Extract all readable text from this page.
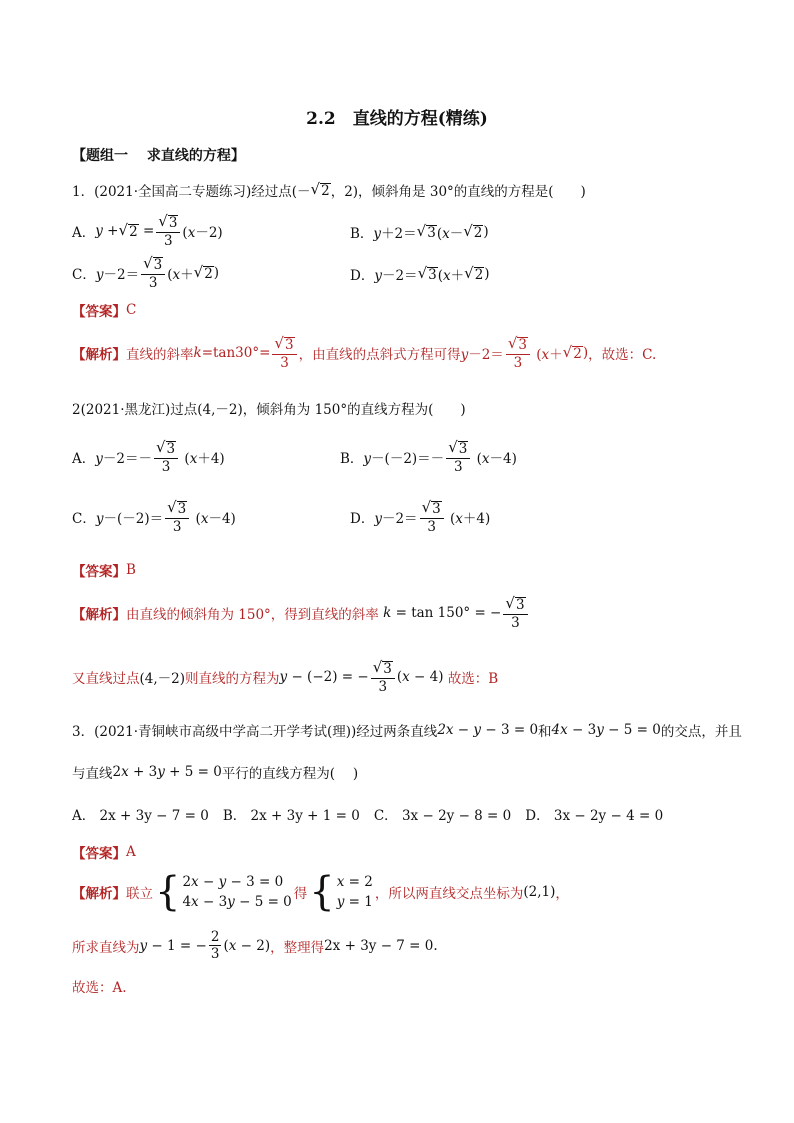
2.2　直线的方程(精练)
【题组一　 求直线的方程】
1．(2021·全国高二专题练习)经过点(－ √ 2 ，2)，倾斜角是 30°的直线的方程是(　　)
A． y + √ $2 = \frac{√ 3}{3} (x-2)$	B． y＋2＝ √ 3 (x－ √ 2 )
C． $y-2= \frac{√ 3}{3} (x+$ √ 2 )	D． y－2＝ √ 3 (x＋ √ 2 )
【答案】 C
【解析】 直线的斜率 $k=\tan 30^\circ= \frac{√ 3}{3}$ ，由直线的点斜式方程可得 $y-2= \frac{√ 3}{3} (x+$ √ 2 ) ，故选：C.
2(2021·黑龙江)过点 (4,－2) ，倾斜角为 150°的直线方程为(　　)
A． $y-2=- \frac{√ 3}{3} (x+4)$	B． $y-(-2)=- \frac{√ 3}{3} (x-4)$
C． $y-(-2)= \frac{√ 3}{3} (x-4)$	D． $y-2= \frac{√ 3}{3} (x+4)$
【答案】 B
【解析】 由直线的倾斜角为 150°，得到直线的斜率 k = tan 150° = − $\frac{√ 3}{3}$
又直线过点 (4,－2) 则直线的方程为 y − (−2) = − $\frac{√ 3}{3} (x - 4)$ 故选：B
3．(2021·青铜峡市高级中学高二开学考试(理))经过两条直线 2x − y − 3 = 0 和 4x − 3y − 5 = 0 的交点，并且
与直线 2x + 3y + 5 = 0 平行的直线方程为(　 )
A． 2x + 3y − 7 = 0 B． 2x + 3y + 1 = 0 C． 3x − 2y − 8 = 0 D． 3x − 2y − 4 = 0
【答案】 A
【解析】 联立 { 2x − y − 3 = 0
4x − 3y − 5 = 0 得 { x = 2
y = 1 ，所以两直线交点坐标为 (2,1) ，
所求直线为 y − 1 = − $\frac{2}{3} (x - 2)$ ，整理得 2x + 3y − 7 = 0.
故选：A.
